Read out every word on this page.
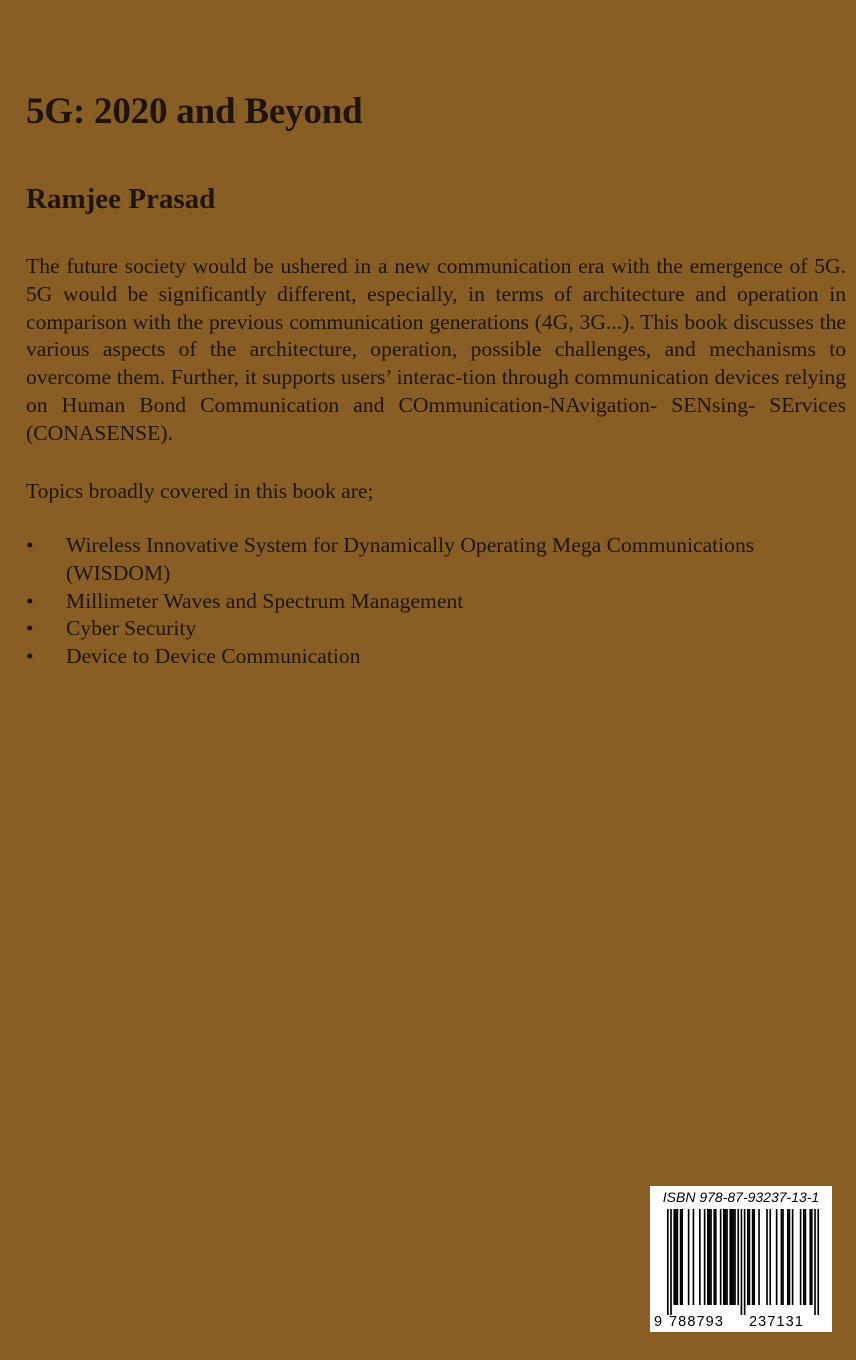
5G: 2020 and Beyond
Ramjee Prasad

The future society would be ushered in a new communication era with the emergence of 5G. 5G would be significantly different, especially, in terms of architecture and operation in comparison with the previous communication generations (4G, 3G...). This book discusses the various aspects of the architecture, operation, possible challenges, and mechanisms to overcome them. Further, it supports users’ interac-tion through communication devices relying on Human Bond Communication and COmmunication-NAvigation- SENsing- SErvices (CONASENSE).

Topics broadly covered in this book are;

•	Wireless Innovative System for Dynamically Operating Mega Communications (WISDOM)
•	Millimeter Waves and Spectrum Management
•	Cyber Security
•	Device to Device Communication
ISBN 978-87-93237-13-1
9 788793 237131
